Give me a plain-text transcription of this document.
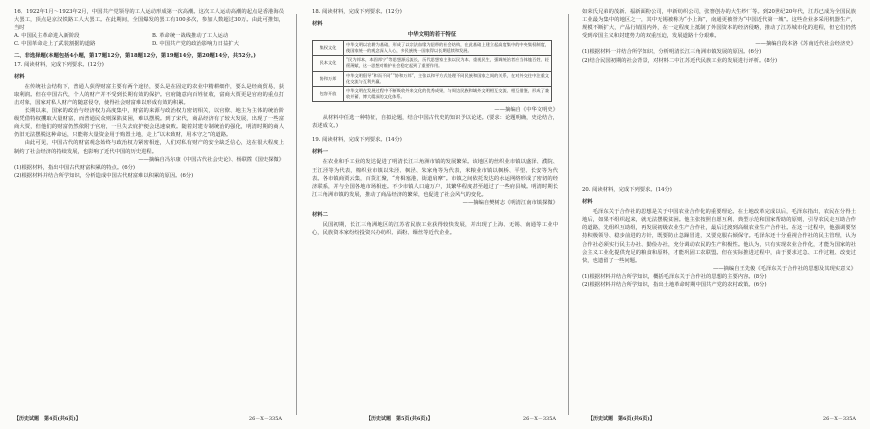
16．1922年1月～1923年2月，中国共产党领导的工人运动形成第一次高潮。这次工人运动高潮的起点是香港海员大罢工，顶点是京汉铁路工人大罢工。在此期间，全国爆发的罢工有100多次，参加人数超过30万。由此可推知，当时

A. 中国民主革命进入新阶段	B. 革命统一战线推动了工人运动
C. 中国革命走上了武装割据的道路	D. 中国共产党的政治影响力日益扩大

二、非选择题(本题包括4小题，第17题12分，第18题12分，第19题14分，第20题14分，共52分。)

17. 阅读材料，完成下列要求。(12分)

材料

在传统社会结构下，普通人获得财富主要有两个途径，要么是在固定的农业中精耕细作，要么是经商贸易，获取利润。但在中国古代，个人的财产并不受到长期有效的保护。官府随意向百姓征收，富商大贾更是官府的重点打击对象，国家对私人财产的随意侵夺，使得社会财富难以形成有效的积累。

长期以来，国家的政治与经济权力高度集中，财富的来源与政治权力密切相关，以官僚、地主为主体的统治阶级凭借特权攫取大量财富，而普通民众则深陷贫困，难以摆脱。到了宋代，商品经济有了较大发展，出现了一些富商大贾，但他们的财富仍然依附于官府，一旦失去庇护便会迅速衰败。随着封建专制统治的强化，明清时期的商人仍旧无法摆脱这种命运，只能将大量资金用于购置土地，走上“以末致财，用本守之”的道路。

由此可见，中国古代的财富观念始终与政治权力紧密相连，人们对私有财产的安全缺乏信心，这在很大程度上制约了社会经济的持续发展，也影响了近代中国的历史进程。

——摘编自冯尔康《中国古代社会史论》、杨联陞《国史探微》

(1)根据材料，指出中国古代财富积累的特点。(6分)

(2)根据材料并结合所学知识，分析造成中国古代财富难以积累的原因。(6分)

18. 阅读材料，完成下列要求。(12分)

材料

中华文明的若干特征
集权文化	中华文明以农耕为基础，形成了以宗法血缘为纽带的社会结构，在此基础上建立起高度集中的中央集权制度，使国家统一的观念深入人心，多民族统一国家得以长期延续和发展。
民本文化	“民为邦本，本固邦宁”等思想源远流长，历代思想家主张以民为本、重视民生，强调统治者应当体恤百姓、轻徭薄赋，这一思想对维护社会稳定起到了重要作用。
协和万邦	中华文明倡导“和而不同”“协和万邦”，主张以和平方式处理不同民族和国家之间的关系，在对外交往中注重文化交流与互利共赢。
包容开放	中华文明在发展过程中不断吸收外来文化的优秀成果，与周边民族和域外文明相互交流、相互借鉴，形成了兼收并蓄、博大精深的文化体系。

——摘编自《中华文明史》

从材料中任选一种特征，自拟论题，结合中国古代史的知识予以论述。(要求：论题明确，史论结合，表述成文。)

19. 阅读材料，完成下列要求。(14分)

材料一

在农业和手工业的发达促进了明清长江三角洲市镇的发展繁荣。该地区的丝织业市镇以盛泽、濮院、王江泾等为代表，棉织业市镇以朱泾、枫泾、朱家角等为代表，米粮业市镇以枫桥、平望、长安等为代表。各市镇商贾云集，百货汇聚，“舟楫塞港，街道肩摩”。市镇之间依托发达的水运网络形成了密切的经济联系，并与全国各地市场相连。不少市镇人口逾万户，其繁华程度甚至超过了一些府县城。明清时期长江三角洲市镇的发展，推动了商品经济的繁荣，也促进了社会风气的变化。

——摘编自樊树志《明清江南市镇探微》

材料二

民国初期，长江三角洲地区的江苏省民族工业获得较快发展，并出现了上海、无锡、南通等工业中心，民族资本家纷纷投资兴办纺织、面粉、缫丝等近代企业。

如荣氏兄弟的茂新、福新面粉公司，申新纺织公司，张謇创办的大生纱厂等。到20世纪20年代，江苏已成为全国民族工业最为集中的地区之一，其中无锡被称为“小上海”，南通更被誉为“中国近代第一城”。这些企业多采用机器生产，规模不断扩大，产品行销国内外，在一定程度上抵制了外国资本的经济侵略，推动了江苏城市化的进程，但它们仍然受到帝国主义和封建势力的双重压迫，发展道路十分艰难。

——摘编自段本洛《苏南近代社会经济史》

(1)根据材料一并结合所学知识，分析明清长江三角洲市镇发展的原因。(6分)

(2)结合民国初期的社会背景，对材料二中江苏近代民族工业的发展进行评析。(8分)

20. 阅读材料，完成下列要求。(14分)

材料

毛泽东关于合作社的思想是关于中国农业合作化的重要理论。在土地改革完成以后，毛泽东指出，农民在分得土地后，如果不组织起来，就无法摆脱贫困。他主张按照自愿互利、典型示范和国家帮助的原则，引导农民走互助合作的道路，先组织互助组，再发展初级农业生产合作社，最后过渡到高级农业生产合作社。在这一过程中，他强调要坚持积极领导、稳步前进的方针，既要防止急躁冒进，又要克服右倾保守。毛泽东还十分重视合作社的民主管理，认为合作社必须实行民主办社、勤俭办社，充分调动农民的生产积极性。他认为，只有实现农业合作化，才能为国家的社会主义工业化提供充足的粮食和原料，才能巩固工农联盟。但在实际推进过程中，由于要求过急、工作过粗、改变过快，也遗留了一些问题。

——摘编自王先俊《毛泽东关于合作社的思想及其现实意义》

(1)根据材料并结合所学知识，概括毛泽东关于合作社的思想的主要内容。(8分)

(2)根据材料并结合所学知识，指出土地革命时期中国共产党的农村政策。(6分)

【历史试题　第4页(共6页)】	26－X－335A	【历史试题　第5页(共6页)】	26－X－335A	【历史试题　第6页(共6页)】	26－X－335A
